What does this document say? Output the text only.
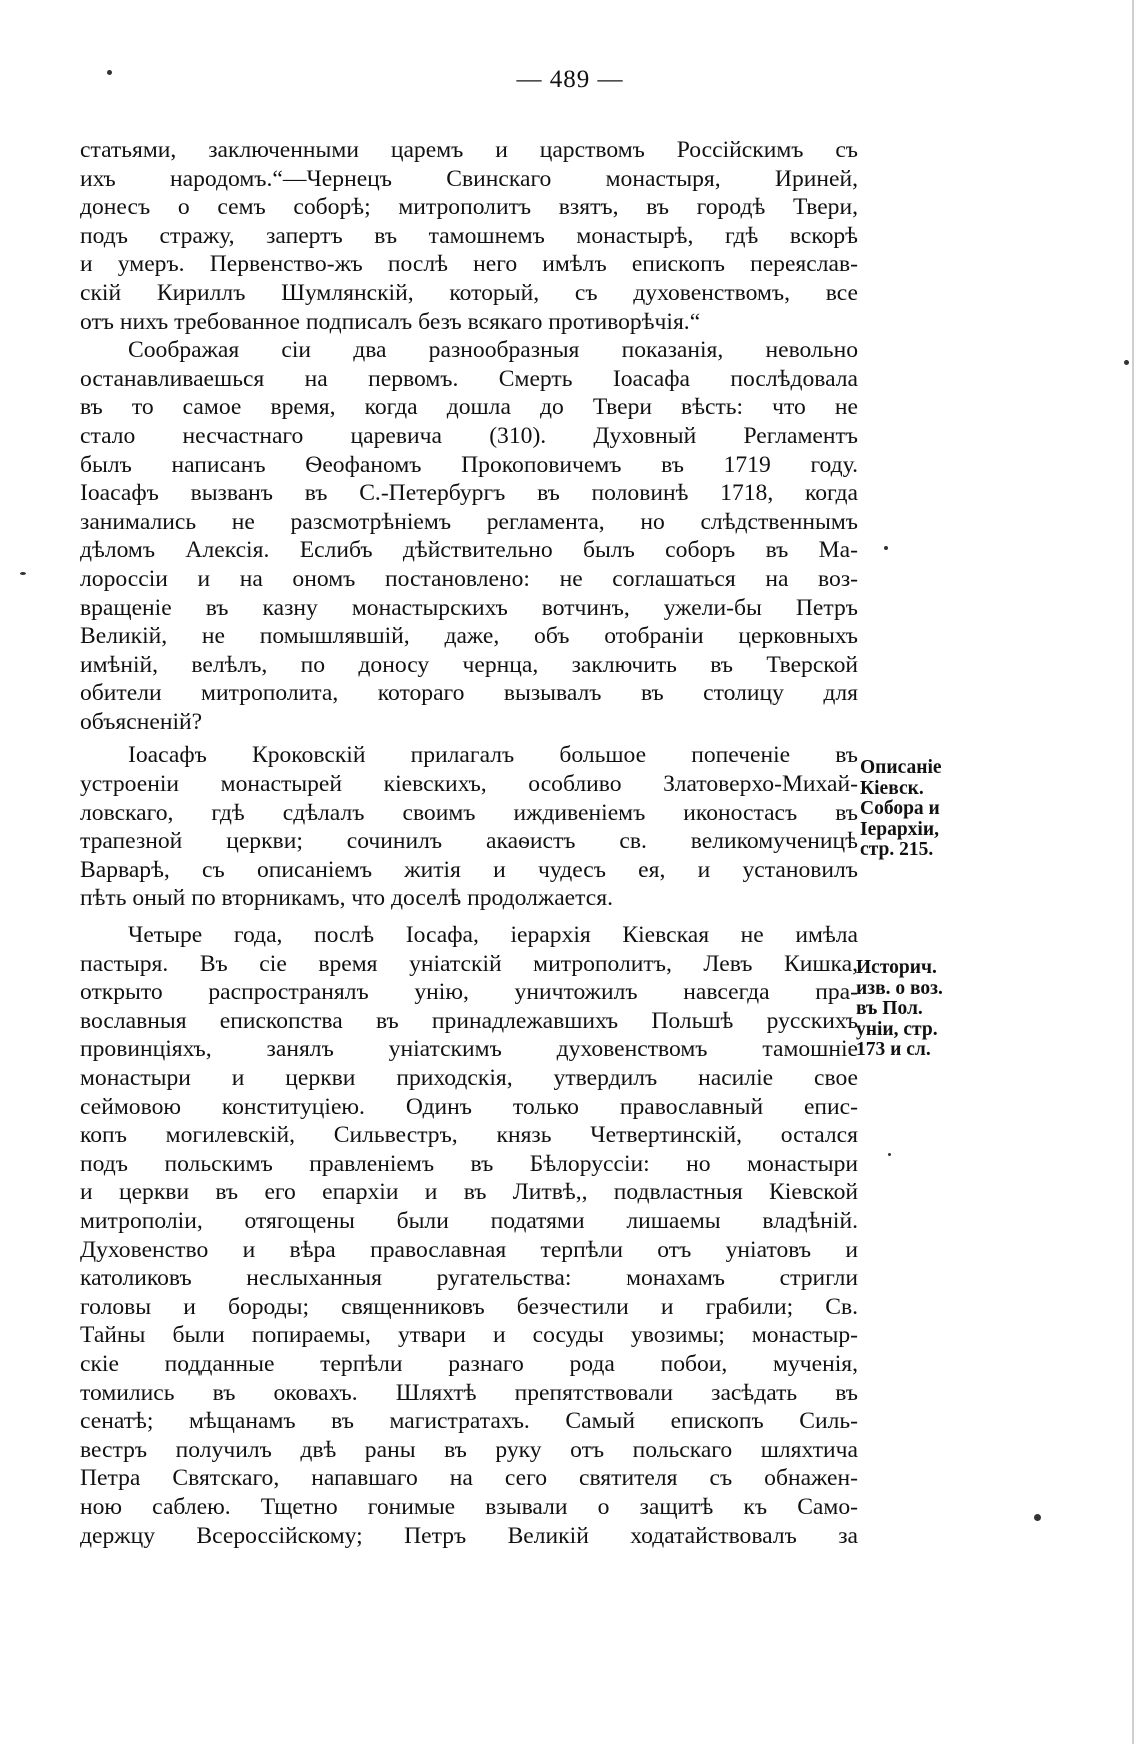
— 489 —
статьями, заключенными царемъ и царствомъ Россійскимъ съ
ихъ народомъ.“—Чернецъ Свинскаго монастыря, Ириней,
донесъ о семъ соборѣ; митрополитъ взятъ, въ городѣ Твери,
подъ стражу, запертъ въ тамошнемъ монастырѣ, гдѣ вскорѣ
и умеръ. Первенство-жъ послѣ него имѣлъ епископъ переяслав-
скій Кириллъ Шумлянскій, который, съ духовенствомъ, все
отъ нихъ требованное подписалъ безъ всякаго противорѣчія.“
Соображая сіи два разнообразныя показанія, невольно
останавливаешься на первомъ. Смерть Іоасафа послѣдовала
въ то самое время, когда дошла до Твери вѣсть: что не
стало несчастнаго царевича (310). Духовный Регламентъ
былъ написанъ Ѳеофаномъ Прокоповичемъ въ 1719 году.
Іоасафъ вызванъ въ С.-Петербургъ въ половинѣ 1718, когда
занимались не разсмотрѣніемъ регламента, но слѣдственнымъ
дѣломъ Алексія. Еслибъ дѣйствительно былъ соборъ въ Ма-
лороссіи и на ономъ постановлено: не соглашаться на воз-
вращеніе въ казну монастырскихъ вотчинъ, ужели-бы Петръ
Великій, не помышлявшій, даже, объ отобраніи церковныхъ
имѣній, велѣлъ, по доносу чернца, заключить въ Тверской
обители митрополита, котораго вызывалъ въ столицу для
объясненій?
Іоасафъ Кроковскій прилагалъ большое попеченіе въ
устроеніи монастырей кіевскихъ, особливо Златоверхо-Михай-
ловскаго, гдѣ сдѣлалъ своимъ иждивеніемъ иконостасъ въ
трапезной церкви; сочинилъ акаѳистъ св. великомученицѣ
Варварѣ, съ описаніемъ житія и чудесъ ея, и установилъ
пѣть оный по вторникамъ, что доселѣ продолжается.
Четыре года, послѣ Іосафа, іерархія Кіевская не имѣла
пастыря. Въ сіе время уніатскій митрополитъ, Левъ Кишка,
открыто распространялъ унію, уничтожилъ навсегда пра-
вославныя епископства въ принадлежавшихъ Польшѣ русскихъ
провинціяхъ, занялъ уніатскимъ духовенствомъ тамошніе
монастыри и церкви приходскія, утвердилъ насиліе свое
сеймовою конституціею. Одинъ только православный епис-
копъ могилевскій, Сильвестръ, князь Четвертинскій, остался
подъ польскимъ правленіемъ въ Бѣлоруссіи: но монастыри
и церкви въ его епархіи и въ Литвѣ,, подвластныя Кіевской
митрополіи, отягощены были податями лишаемы владѣній.
Духовенство и вѣра православная терпѣли отъ уніатовъ и
католиковъ неслыханныя ругательства: монахамъ стригли
головы и бороды; священниковъ безчестили и грабили; Св.
Тайны были попираемы, утвари и сосуды увозимы; монастыр-
скіе подданные терпѣли разнаго рода побои, мученія,
томились въ оковахъ. Шляхтѣ препятствовали засѣдать въ
сенатѣ; мѣщанамъ въ магистратахъ. Самый епископъ Силь-
вестръ получилъ двѣ раны въ руку отъ польскаго шляхтича
Петра Святскаго, напавшаго на сего святителя съ обнажен-
ною саблею. Тщетно гонимые взывали о защитѣ къ Само-
держцу Всероссійскому; Петръ Великій ходатайствовалъ за
Описаніе
Кіевск.
Собора и
Іерархіи,
стр. 215.
Историч.
изв. о воз.
въ Пол.
уніи, стр.
173 и сл.
